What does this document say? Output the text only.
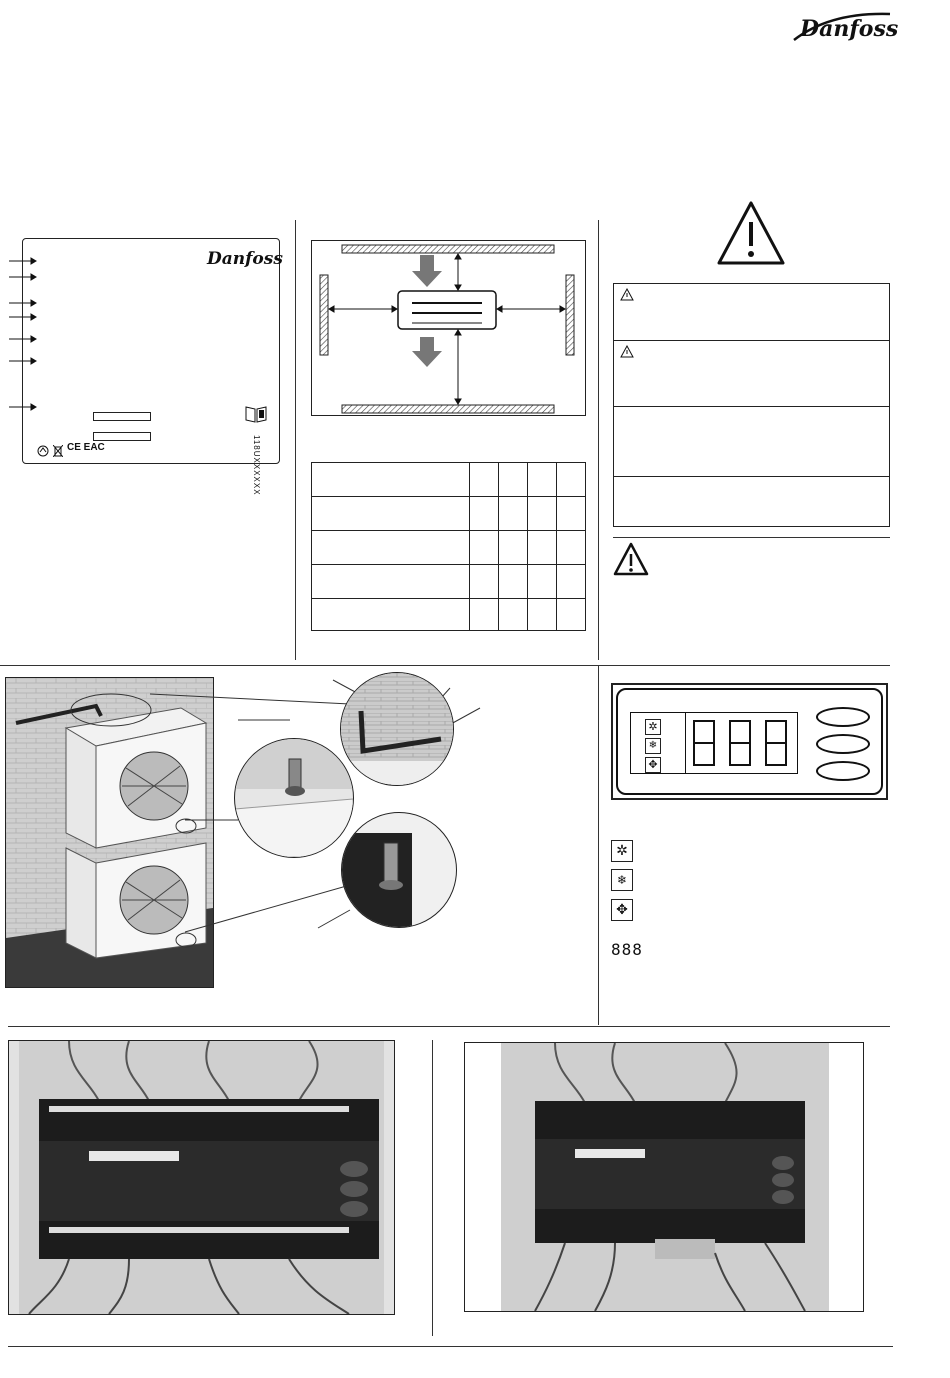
Danfoss
Danfoss
118UXXXXXX
CE EAC

✲
❄
✥
✲
❄
✥
888
